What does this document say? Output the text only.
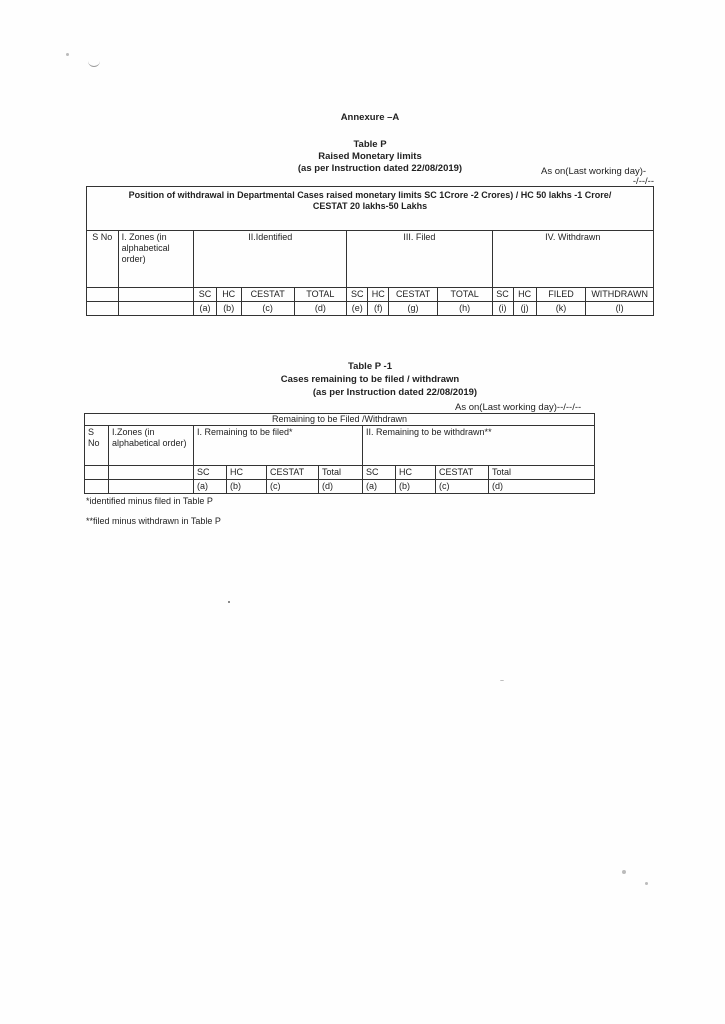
Annexure –A
Table P
Raised Monetary limits
(as per Instruction dated 22/08/2019)	As on(Last working day)-
-/--/--
Position of withdrawal in Departmental Cases raised monetary limits SC 1Crore -2 Crores) / HC 50 lakhs -1 Crore/ CESTAT 20 lakhs-50 Lakhs													
S No	I. Zones (in alphabetical order)	II.Identified				III. Filed				IV. Withdrawn			
		SC	HC	CESTAT	TOTAL	SC	HC	CESTAT	TOTAL	SC	HC	FILED	WITHDRAWN
		(a)	(b)	(c)	(d)	(e)	(f)	(g)	(h)	(i)	(j)	(k)	(l)
Table P -1
Cases remaining to be filed / withdrawn
(as per Instruction dated 22/08/2019)
As on(Last working day)--/--/--
Remaining to be Filed /Withdrawn									
S No	I.Zones (in alphabetical order)	I. Remaining to be filed*				II. Remaining to be withdrawn**			
		SC	HC	CESTAT	Total	SC	HC	CESTAT	Total
		(a)	(b)	(c)	(d)	(a)	(b)	(c)	(d)
*identified minus filed in Table P
**filed minus withdrawn in Table P
